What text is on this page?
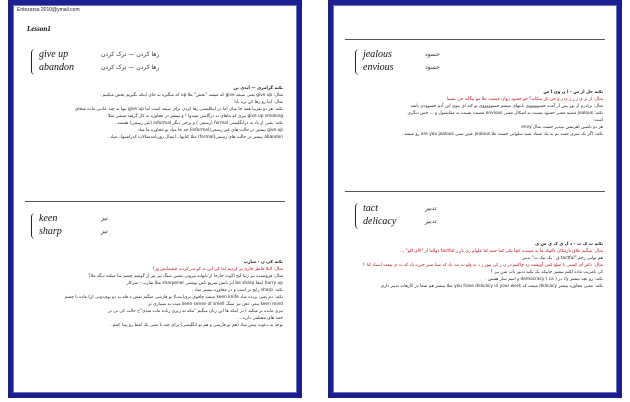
Entezarsa 2010@ymail.com
Lesson1
give up	رها کردن — ترک کردن
abandon	رها کردن — ترک کردن
نکته گرامری — ایدی ین
مثال: give up یعنی صیغه give که میشه "بخش" ملا up که میگیره به جای اینکه بگیریم بخش میکنیم .
مثال: اینا رو رها کن بره بابا
نکته: هر دو تقریبا همه جا میان اما در اینکلیسی رها کردن برای صیغه است اما give up تنها به چند عادتی ماده میخای
give up smoking بیری که ماهای به درگاشن شیدوا ! و بیشتر در محاوره به کار گرفته میشن مثلا
نکته: یعنی از یاد به درانگلیسی formal (رسمی ) و برخی دیگر informal (غیر رسمی) هستند .
give up بیشتر در حالت های غیر رسمی(informal) جه جا میاد تو محاوره ما میاد
abandon بیشتر در حالت های رسمی(formal) مثلا کتابها ، اعمال روزنامه‌مقالات کدراشتها...میاد .
keen	تیز
sharp	تیز
نکته کی ن - شارپ
مثال: لابلا خاطر جاری یر کردیم اما کی این ته کو ندر کردید چشمانش ور؟
مثال: فروشنده نیز زنیا لبخ اکوت خارجا از تابهایه بیرونی نشین سنگ نیز نیز از گوشم چشم سا میکنه دیگه ملا؟
hurry up ابنجا be sharp ابر بانش سریع باش نوشتی sharpener مثلا شارپ - سرکاز
نکته: sharp رایج تر است و در محاوره بیشتر میاد .
نکته: دم یعنی برنده میاد keen knife میشه چاقوی تری(بندنا) نو فارسی میگیم نقش ه فله به دو بوی‌دونی (ژ) ماده با چشم
keen mind بیعی ذهن تیز سنگ keen sense of smell میده به بسیاری تر
تیزی مانده تر میکنه ) در اینکه ها این زبان میگیم "تنکه ته زیری زیاده ماده میدی"ح حالت کی تی ثر
جمه های محتلفی دارید...
توجه به دعوت پیش میاد (هم تو فارسی و هم تو انگلیسی) برای چند تا سنی یک لفظ رو پیدا کنیم .
jealous	حسود
envious	حسود
نکته جل ار س - ا ن وی ا س
مثال: از نژ ی ژ ر ژ ی ز و حی بار سکانه؟ خو جسود ژوان جیست ملا مو بیگانه جی نسبتا
مثال: برادرم از نور پس از آمده حسوووووی بابتهای میشم حسوووووی تو کنه ای یتوی این آدم حسوودی باشه
نکته: jealous مصیه معنی حسود نسبت به اشکال معنی envious مصتت نسبت به مقایسول و ... خس دیگری
است
هر دو تاشین اهرنشن بپندیر حست سال envy
نکته: اگر یک سری حسد بم به یک شماد شیه سلوانی حست ملا jealous عنین سنی are you jealous رو میشه .
tact	تدبیر
delicacy	تدبیر
نکته ت ک ت - د ل ی ک ی س ی
مثال: میگیم علاق تازمکان تاکتیک ما به مییندیه کچا تکی کما حنیه کتا علوام ری نار ژ tactful دوالعا از "الای اکو" ...
هم تولنی رحم "tactful ق : نک تیک ت" تدبیر
مثال: دکتر آی کسنی با مبلغ کمی آویست زد چاکیتو در ن ر کی پیور ر د به ولو ت بت یاد که سنا صیر جرزه یاد که ت ی بیمت اسیاد کنا ؟
کی تامریت ماده لکنم بیشتر جاییکه یک تکیه تدبیر ناب شن بیز ؟
نکته: رو بچه بیشتر cy در democracy ( ca ) و اسم سار هستن .
نکته: معنی محاوره بیشتر delicacy میشه که you have delicacy in your work مثلا بیشتر هم شما در کارهات تدبیر داری
